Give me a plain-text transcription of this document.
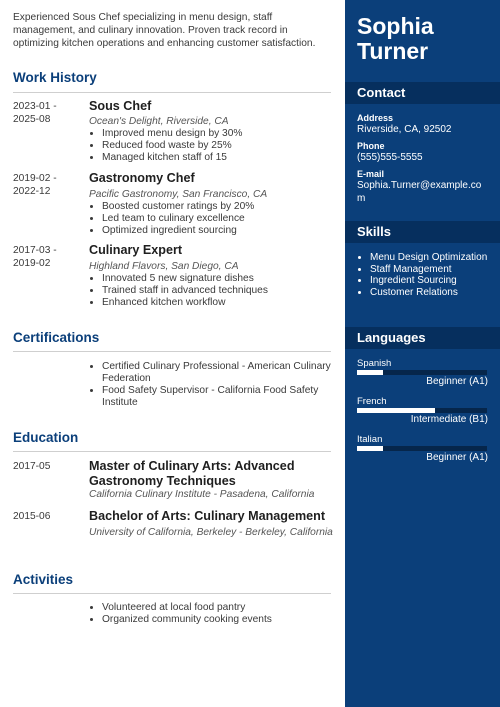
Experienced Sous Chef specializing in menu design, staff management, and culinary innovation. Proven track record in optimizing kitchen operations and enhancing customer satisfaction.
Work History
2023-01 -
2025-08
Sous Chef
Ocean's Delight, Riverside, CA
• Improved menu design by 30%
• Reduced food waste by 25%
• Managed kitchen staff of 15
2019-02 -
2022-12
Gastronomy Chef
Pacific Gastronomy, San Francisco, CA
• Boosted customer ratings by 20%
• Led team to culinary excellence
• Optimized ingredient sourcing
2017-03 -
2019-02
Culinary Expert
Highland Flavors, San Diego, CA
• Innovated 5 new signature dishes
• Trained staff in advanced techniques
• Enhanced kitchen workflow
Certifications
• Certified Culinary Professional - American Culinary Federation
• Food Safety Supervisor - California Food Safety Institute
Education
2017-05	Master of Culinary Arts: Advanced Gastronomy Techniques
California Culinary Institute - Pasadena, California
2015-06	Bachelor of Arts: Culinary Management
University of California, Berkeley - Berkeley, California
Activities
• Volunteered at local food pantry
• Organized community cooking events
Sophia
Turner
Contact
Address
Riverside, CA, 92502
Phone
(555)555-5555
E-mail
Sophia.Turner@example.com
Skills
• Menu Design Optimization
• Staff Management
• Ingredient Sourcing
• Customer Relations
Languages
Spanish
Beginner (A1)
French
Intermediate (B1)
Italian
Beginner (A1)
